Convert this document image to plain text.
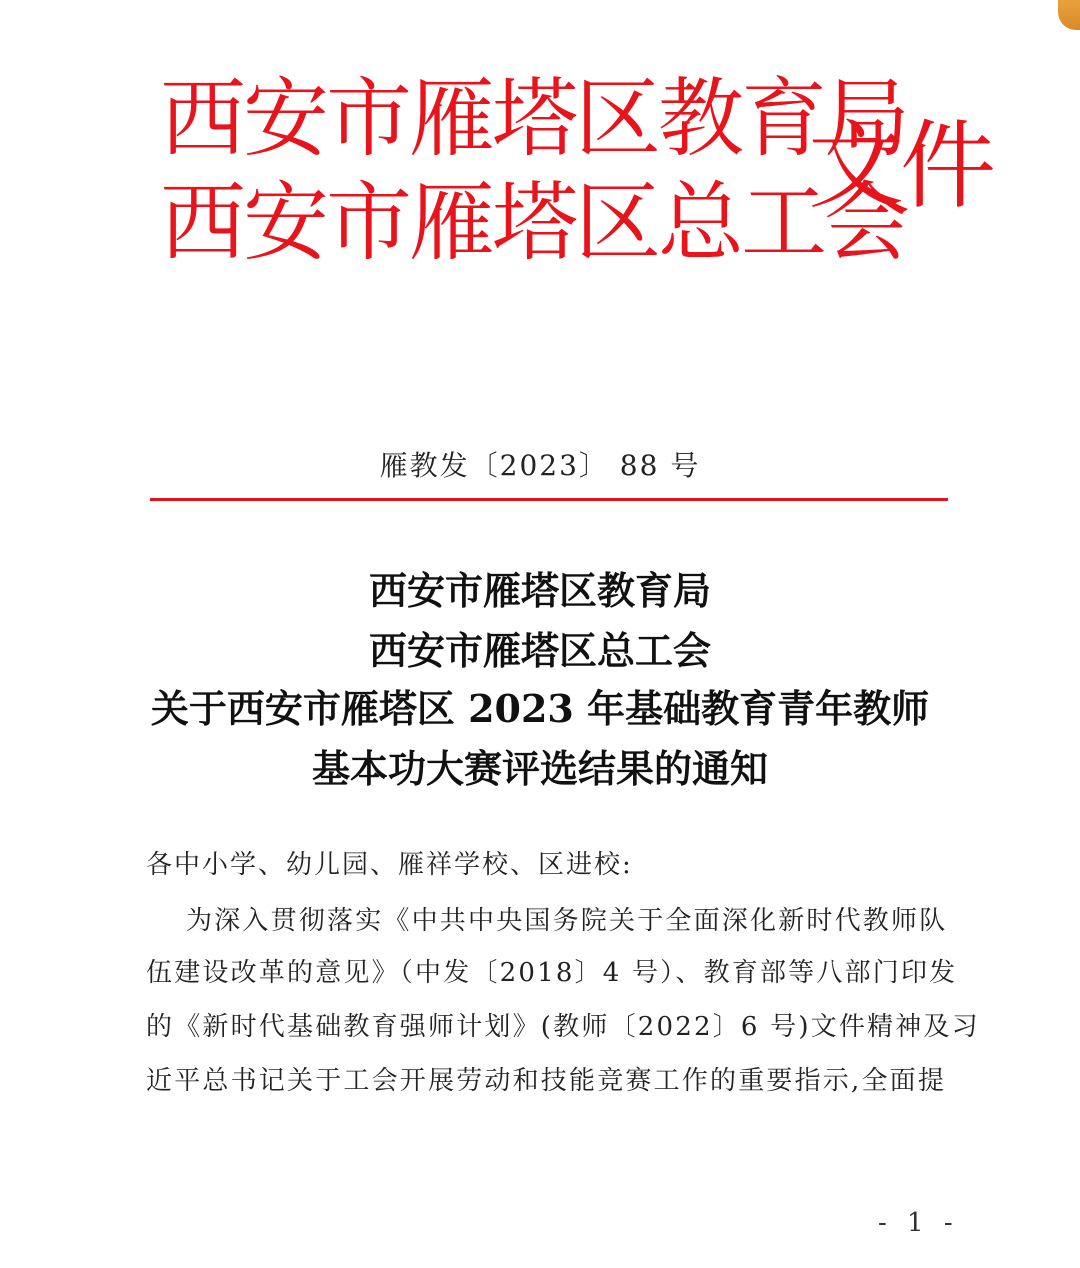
西安市雁塔区教育局
西安市雁塔区总工会
文件
雁教发〔2023〕 88 号
西安市雁塔区教育局
西安市雁塔区总工会
关于西安市雁塔区 2023 年基础教育青年教师
基本功大赛评选结果的通知
各中小学、幼儿园、雁祥学校、区进校:
为深入贯彻落实《中共中央国务院关于全面深化新时代教师队
伍建设改革的意见》（中发〔2018〕4 号）、教育部等八部门印发
的《新时代基础教育强师计划》(教师〔2022〕6 号)文件精神及习
近平总书记关于工会开展劳动和技能竞赛工作的重要指示,全面提
- 1 -
